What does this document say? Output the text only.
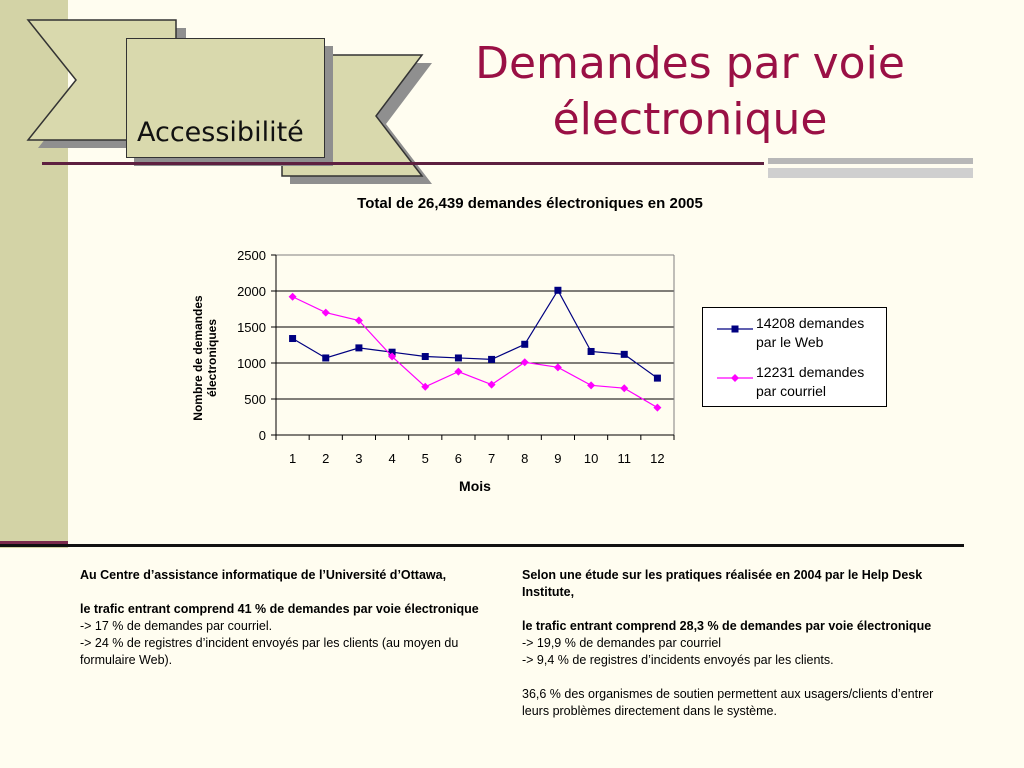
Accessibilité
Demandes par voie électronique
Total de 26,439 demandes électroniques en 2005
Nombre de demandes électroniques
Mois
0
500
1000
1500
2000
2500
1 2 3 4 5 6 7 8 9 10 11 12
14208 demandes par le Web
12231 demandes par courriel

Au Centre d’assistance informatique de l’Université d’Ottawa,

le trafic entrant comprend 41 % de demandes par voie électronique

-> 17 % de demandes par courriel.

-> 24 % de registres d’incident envoyés par les clients (au moyen du formulaire Web).

Selon une étude sur les pratiques réalisée en 2004 par le Help Desk Institute,

le trafic entrant comprend 28,3 % de demandes par voie électronique

-> 19,9 % de demandes par courriel

-> 9,4 % de registres d’incidents envoyés par les clients.

36,6 % des organismes de soutien permettent aux usagers/clients d’entrer leurs problèmes directement dans le système.
